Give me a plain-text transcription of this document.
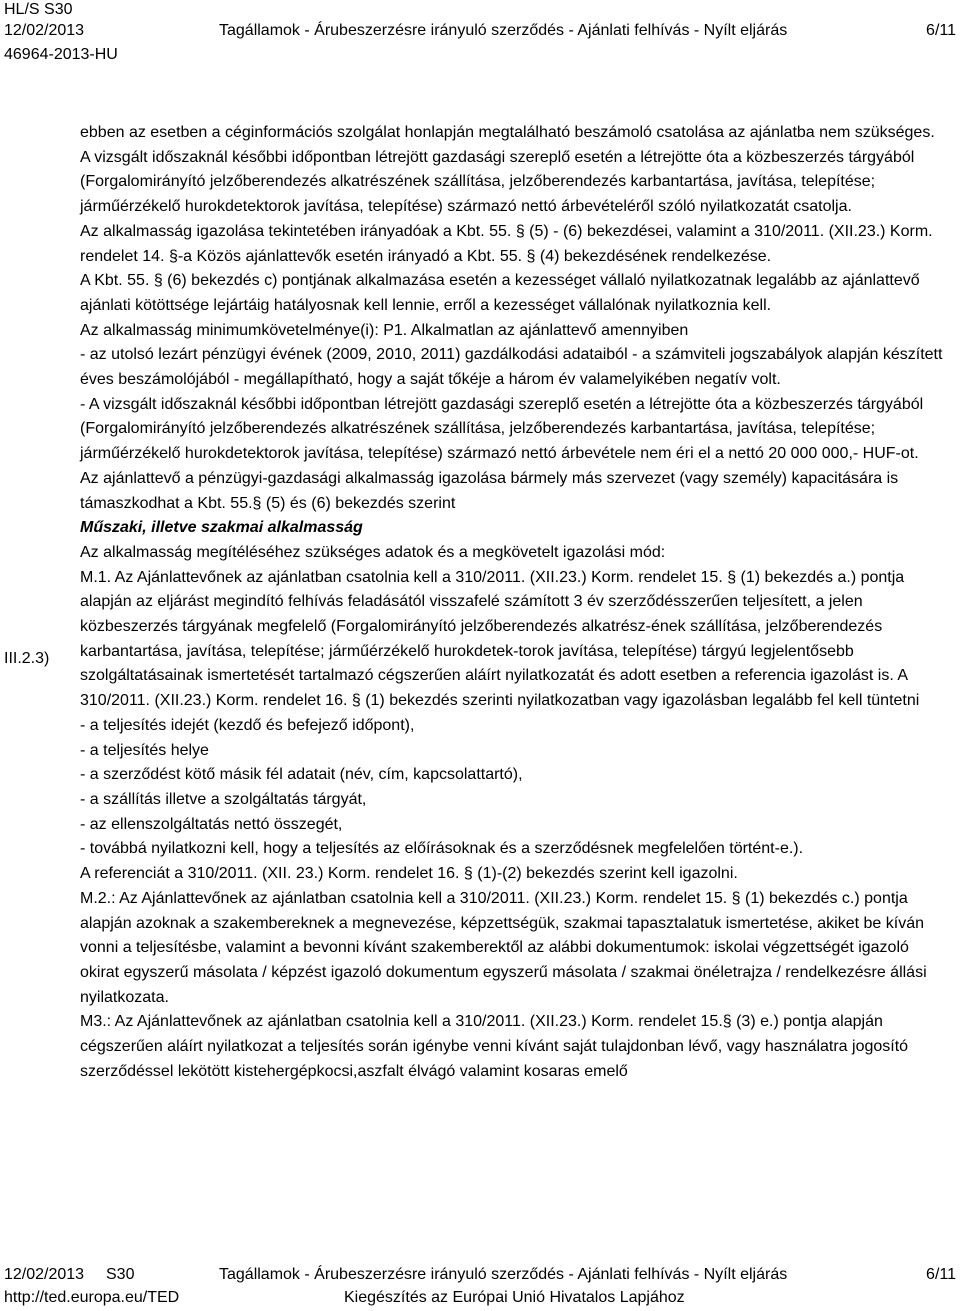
HL/S S30
12/02/2013	Tagállamok - Árubeszerzésre irányuló szerződés - Ajánlati felhívás - Nyílt eljárás	6/11
46964-2013-HU
III.2.3)

ebben az esetben a céginformációs szolgálat honlapján megtalálható beszámoló csatolása az ajánlatba nem szükséges.

A vizsgált időszaknál későbbi időpontban létrejött gazdasági szereplő esetén a létrejötte óta a közbeszerzés tárgyából (Forgalomirányító jelzőberendezés alkatrészének szállítása, jelzőberendezés karbantartása, javítása, telepítése; járműérzékelő hurokdetektorok javítása, telepítése) származó nettó árbevételéről szóló nyilatkozatát csatolja.

Az alkalmasság igazolása tekintetében irányadóak a Kbt. 55. § (5) - (6) bekezdései, valamint a 310/2011. (XII.23.) Korm. rendelet 14. §-a Közös ajánlattevők esetén irányadó a Kbt. 55. § (4) bekezdésének rendelkezése.

A Kbt. 55. § (6) bekezdés c) pontjának alkalmazása esetén a kezességet vállaló nyilatkozatnak legalább az ajánlattevő ajánlati kötöttsége lejártáig hatályosnak kell lennie, erről a kezességet vállalónak nyilatkoznia kell.

Az alkalmasság minimumkövetelménye(i): P1. Alkalmatlan az ajánlattevő amennyiben

- az utolsó lezárt pénzügyi évének (2009, 2010, 2011) gazdálkodási adataiból - a számviteli jogszabályok alapján készített éves beszámolójából - megállapítható, hogy a saját tőkéje a három év valamelyikében negatív volt.

- A vizsgált időszaknál későbbi időpontban létrejött gazdasági szereplő esetén a létrejötte óta a közbeszerzés tárgyából (Forgalomirányító jelzőberendezés alkatrészének szállítása, jelzőberendezés karbantartása, javítása, telepítése; járműérzékelő hurokdetektorok javítása, telepítése) származó nettó árbevétele nem éri el a nettó 20 000 000,- HUF-ot.

Az ajánlattevő a pénzügyi-gazdasági alkalmasság igazolása bármely más szervezet (vagy személy) kapacitására is támaszkodhat a Kbt. 55.§ (5) és (6) bekezdés szerint

Műszaki, illetve szakmai alkalmasság

Az alkalmasság megítéléséhez szükséges adatok és a megkövetelt igazolási mód:

M.1. Az Ajánlattevőnek az ajánlatban csatolnia kell a 310/2011. (XII.23.) Korm. rendelet 15. § (1) bekezdés a.) pontja alapján az eljárást megindító felhívás feladásától visszafelé számított 3 év szerződésszerűen teljesített, a jelen közbeszerzés tárgyának megfelelő (Forgalomirányító jelzőberendezés alkatrész-ének szállítása, jelzőberendezés karbantartása, javítása, telepítése; járműérzékelő hurokdetek-torok javítása, telepítése) tárgyú legjelentősebb szolgáltatásainak ismertetését tartalmazó cégszerűen aláírt nyilatkozatát és adott esetben a referencia igazolást is. A 310/2011. (XII.23.) Korm. rendelet 16. § (1) bekezdés szerinti nyilatkozatban vagy igazolásban legalább fel kell tüntetni

- a teljesítés idejét (kezdő és befejező időpont),

- a teljesítés helye

- a szerződést kötő másik fél adatait (név, cím, kapcsolattartó),

- a szállítás illetve a szolgáltatás tárgyát,

- az ellenszolgáltatás nettó összegét,

- továbbá nyilatkozni kell, hogy a teljesítés az előírásoknak és a szerződésnek megfelelően történt-e.).

A referenciát a 310/2011. (XII. 23.) Korm. rendelet 16. § (1)-(2) bekezdés szerint kell igazolni.

M.2.: Az Ajánlattevőnek az ajánlatban csatolnia kell a 310/2011. (XII.23.) Korm. rendelet 15. § (1) bekezdés c.) pontja alapján azoknak a szakembereknek a megnevezése, képzettségük, szakmai tapasztalatuk ismertetése, akiket be kíván vonni a teljesítésbe, valamint a bevonni kívánt szakemberektől az alábbi dokumentumok: iskolai végzettségét igazoló okirat egyszerű másolata / képzést igazoló dokumentum egyszerű másolata / szakmai önéletrajza / rendelkezésre állási nyilatkozata.

M3.: Az Ajánlattevőnek az ajánlatban csatolnia kell a 310/2011. (XII.23.) Korm. rendelet 15.§ (3) e.) pontja alapján cégszerűen aláírt nyilatkozat a teljesítés során igénybe venni kívánt saját tulajdonban lévő, vagy használatra jogosító szerződéssel lekötött kistehergépkocsi,aszfalt élvágó valamint kosaras emelő

12/02/2013 S30	Tagállamok - Árubeszerzésre irányuló szerződés - Ajánlati felhívás - Nyílt eljárás	6/11
http://ted.europa.eu/TED	Kiegészítés az Európai Unió Hivatalos Lapjához
